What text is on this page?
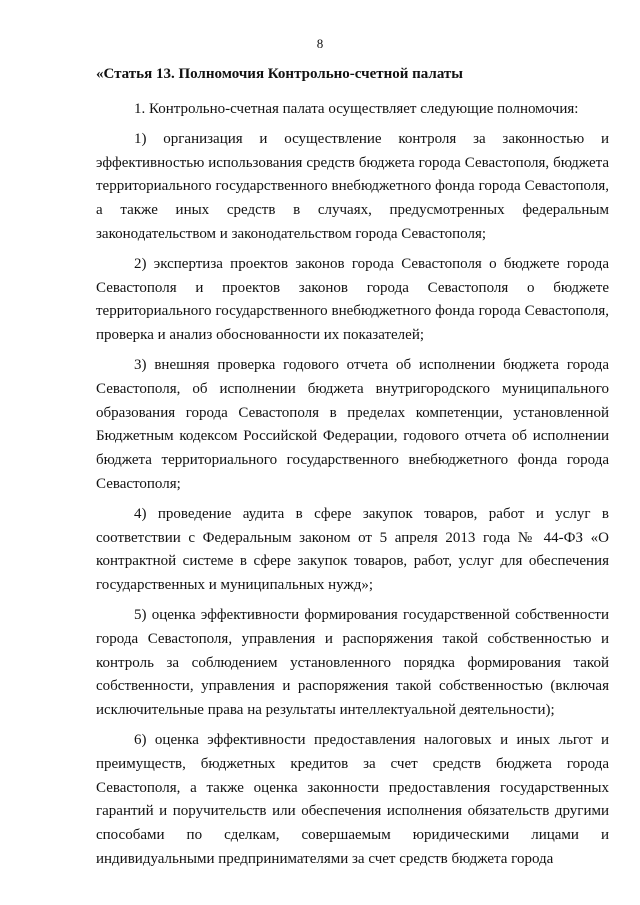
8
«Статья 13. Полномочия Контрольно-счетной палаты

1. Контрольно-счетная палата осуществляет следующие полномочия:

1) организация и осуществление контроля за законностью и эффективностью использования средств бюджета города Севастополя, бюджета территориального государственного внебюджетного фонда города Севастополя, а также иных средств в случаях, предусмотренных федеральным законодательством и законодательством города Севастополя;

2) экспертиза проектов законов города Севастополя о бюджете города Севастополя и проектов законов города Севастополя о бюджете территориального государственного внебюджетного фонда города Севастополя, проверка и анализ обоснованности их показателей;

3) внешняя проверка годового отчета об исполнении бюджета города Севастополя, об исполнении бюджета внутригородского муниципального образования города Севастополя в пределах компетенции, установленной Бюджетным кодексом Российской Федерации, годового отчета об исполнении бюджета территориального государственного внебюджетного фонда города Севастополя;

4) проведение аудита в сфере закупок товаров, работ и услуг в соответствии с Федеральным законом от 5 апреля 2013 года № 44-ФЗ «О контрактной системе в сфере закупок товаров, работ, услуг для обеспечения государственных и муниципальных нужд»;

5) оценка эффективности формирования государственной собственности города Севастополя, управления и распоряжения такой собственностью и контроль за соблюдением установленного порядка формирования такой собственности, управления и распоряжения такой собственностью (включая исключительные права на результаты интеллектуальной деятельности);

6) оценка эффективности предоставления налоговых и иных льгот и преимуществ, бюджетных кредитов за счет средств бюджета города Севастополя, а также оценка законности предоставления государственных гарантий и поручительств или обеспечения исполнения обязательств другими способами по сделкам, совершаемым юридическими лицами и индивидуальными предпринимателями за счет средств бюджета города
